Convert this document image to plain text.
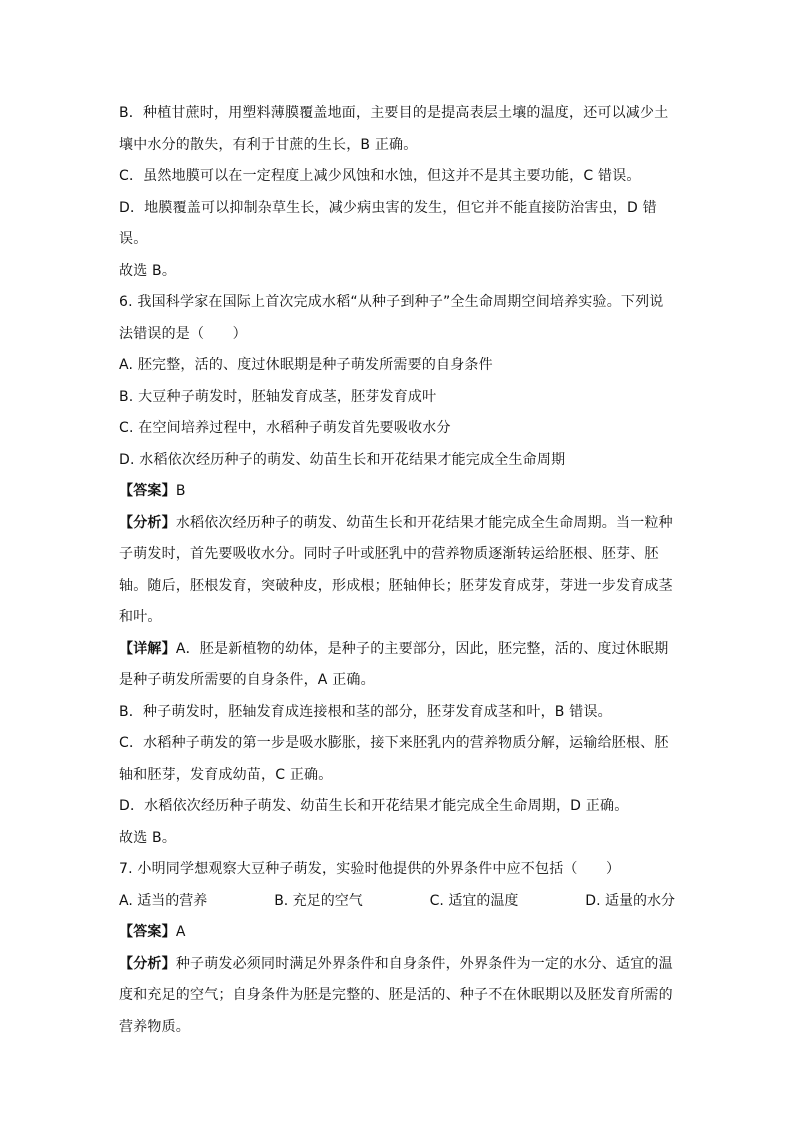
B．种植甘蔗时，用塑料薄膜覆盖地面，主要目的是提高表层土壤的温度，还可以减少土壤中水分的散失，有利于甘蔗的生长，B 正确。

C．虽然地膜可以在一定程度上减少风蚀和水蚀，但这并不是其主要功能，C 错误。

D．地膜覆盖可以抑制杂草生长，减少病虫害的发生，但它并不能直接防治害虫，D 错误。

故选 B。

6. 我国科学家在国际上首次完成水稻“从种子到种子”全生命周期空间培养实验。下列说法错误的是（　　）

A. 胚完整，活的、度过休眠期是种子萌发所需要的自身条件

B. 大豆种子萌发时，胚轴发育成茎，胚芽发育成叶

C. 在空间培养过程中，水稻种子萌发首先要吸收水分

D. 水稻依次经历种子的萌发、幼苗生长和开花结果才能完成全生命周期

【答案】B

【分析】水稻依次经历种子的萌发、幼苗生长和开花结果才能完成全生命周期。当一粒种子萌发时，首先要吸收水分。同时子叶或胚乳中的营养物质逐渐转运给胚根、胚芽、胚轴。随后，胚根发育，突破种皮，形成根；胚轴伸长；胚芽发育成芽，芽进一步发育成茎和叶。

【详解】A．胚是新植物的幼体，是种子的主要部分，因此，胚完整，活的、度过休眠期是种子萌发所需要的自身条件，A 正确。

B．种子萌发时，胚轴发育成连接根和茎的部分，胚芽发育成茎和叶，B 错误。

C．水稻种子萌发的第一步是吸水膨胀，接下来胚乳内的营养物质分解，运输给胚根、胚轴和胚芽，发育成幼苗，C 正确。

D．水稻依次经历种子萌发、幼苗生长和开花结果才能完成全生命周期，D 正确。

故选 B。

7. 小明同学想观察大豆种子萌发，实验时他提供的外界条件中应不包括（　　）

A. 适当的营养	B. 充足的空气	C. 适宜的温度	D. 适量的水分

【答案】A

【分析】种子萌发必须同时满足外界条件和自身条件，外界条件为一定的水分、适宜的温度和充足的空气；自身条件为胚是完整的、胚是活的、种子不在休眠期以及胚发育所需的营养物质。
